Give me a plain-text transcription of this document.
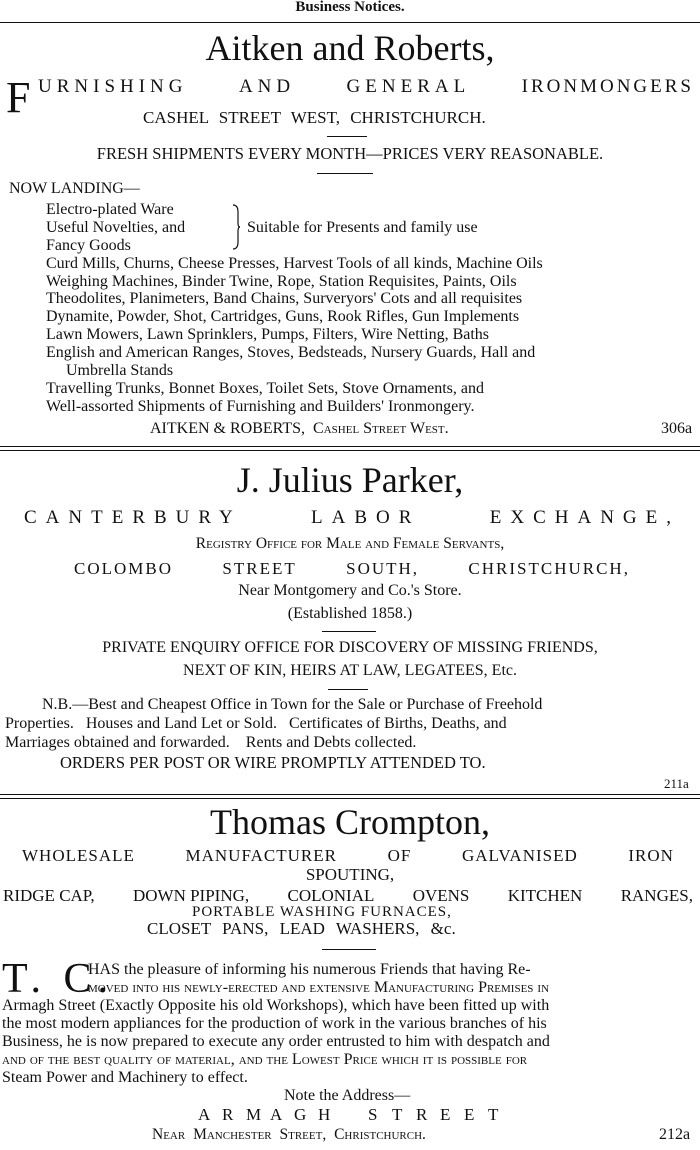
Business Notices.
Aitken and Roberts,
F URNISHING	AND	GENERAL	IRONMONGERS
CASHEL STREET WEST, CHRISTCHURCH.
FRESH SHIPMENTS EVERY MONTH—PRICES VERY REASONABLE.
NOW LANDING—
Electro-plated Ware
Useful Novelties, and
Fancy Goods
Suitable for Presents and family use
Curd Mills, Churns, Cheese Presses, Harvest Tools of all kinds, Machine Oils
Weighing Machines, Binder Twine, Rope, Station Requisites, Paints, Oils
Theodolites, Planimeters, Band Chains, Surveryors' Cots and all requisites
Dynamite, Powder, Shot, Cartridges, Guns, Rook Rifles, Gun Implements
Lawn Mowers, Lawn Sprinklers, Pumps, Filters, Wire Netting, Baths
English and American Ranges, Stoves, Bedsteads, Nursery Guards, Hall and
Umbrella Stands
Travelling Trunks, Bonnet Boxes, Toilet Sets, Stove Ornaments, and
Well-assorted Shipments of Furnishing and Builders' Ironmongery.
AITKEN & ROBERTS, Cashel Street West.	306a
J. Julius Parker,
CANTERBURY	LABOR	EXCHANGE,
Registry Office for Male and Female Servants,
COLOMBO	STREET	SOUTH,	CHRISTCHURCH,
Near Montgomery and Co.'s Store.
(Established 1858.)
PRIVATE ENQUIRY OFFICE FOR DISCOVERY OF MISSING FRIENDS,
NEXT OF KIN, HEIRS AT LAW, LEGATEES, Etc.
N.B.—Best and Cheapest Office in Town for the Sale or Purchase of Freehold
Properties.   Houses and Land Let or Sold.   Certificates of Births, Deaths, and
Marriages obtained and forwarded.    Rents and Debts collected.
ORDERS PER POST OR WIRE PROMPTLY ATTENDED TO.
211a
Thomas Crompton,
WHOLESALE	MANUFACTURER	OF	GALVANISED	IRON
SPOUTING,
RIDGE CAP, DOWN PIPING, COLONIAL OVENS KITCHEN RANGES,
PORTABLE WASHING FURNACES,
CLOSET PANS, LEAD WASHERS, &c.
T. C.
HAS the pleasure of informing his numerous Friends that having Re-
moved into his newly-erected and extensive Manufacturing Premises in
Armagh Street (Exactly Opposite his old Workshops), which have been fitted up with
the most modern appliances for the production of work in the various branches of his
Business, he is now prepared to execute any order entrusted to him with despatch and
and of the best quality of material, and the Lowest Price which it is possible for
Steam Power and Machinery to effect.
Note the Address—
A R M A G H	S T R E E T
Near Manchester Street, Christchurch.	212a
